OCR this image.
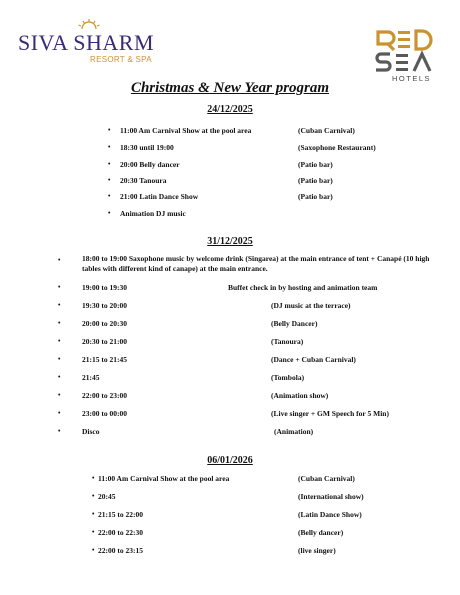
SIVA SHARM
RESORT & SPA
HOTELS
Christmas & New Year program
24/12/2025
• 11:00 Am Carnival Show at the pool area	(Cuban Carnival)
• 18:30 until 19:00	(Saxophone Restaurant)
• 20:00 Belly dancer	(Patio bar)
• 20:30 Tanoura	(Patio bar)
• 21:00 Latin Dance Show	(Patio bar)
• Animation DJ music
31/12/2025
•	18:00 to 19:00 Saxophone music by welcome drink (Singarea) at the main entrance of tent + Canapé (10 high tables with different kind of canape) at the main entrance.
•	19:00 to 19:30	Buffet check in by hosting and animation team
•	19:30 to 20:00	(DJ music at the terrace)
•	20:00 to 20:30	(Belly Dancer)
•	20:30 to 21:00	(Tanoura)
•	21:15 to 21:45	(Dance + Cuban Carnival)
•	21:45	(Tombola)
•	22:00 to 23:00	(Animation show)
•	23:00 to 00:00	(Live singer + GM Speech for 5 Min)
•	Disco	(Animation)
06/01/2026
• 11:00 Am Carnival Show at the pool area	(Cuban Carnival)
• 20:45	(International show)
• 21:15 to 22:00	(Latin Dance Show)
• 22:00 to 22:30	(Belly dancer)
• 22:00 to 23:15	(live singer)
